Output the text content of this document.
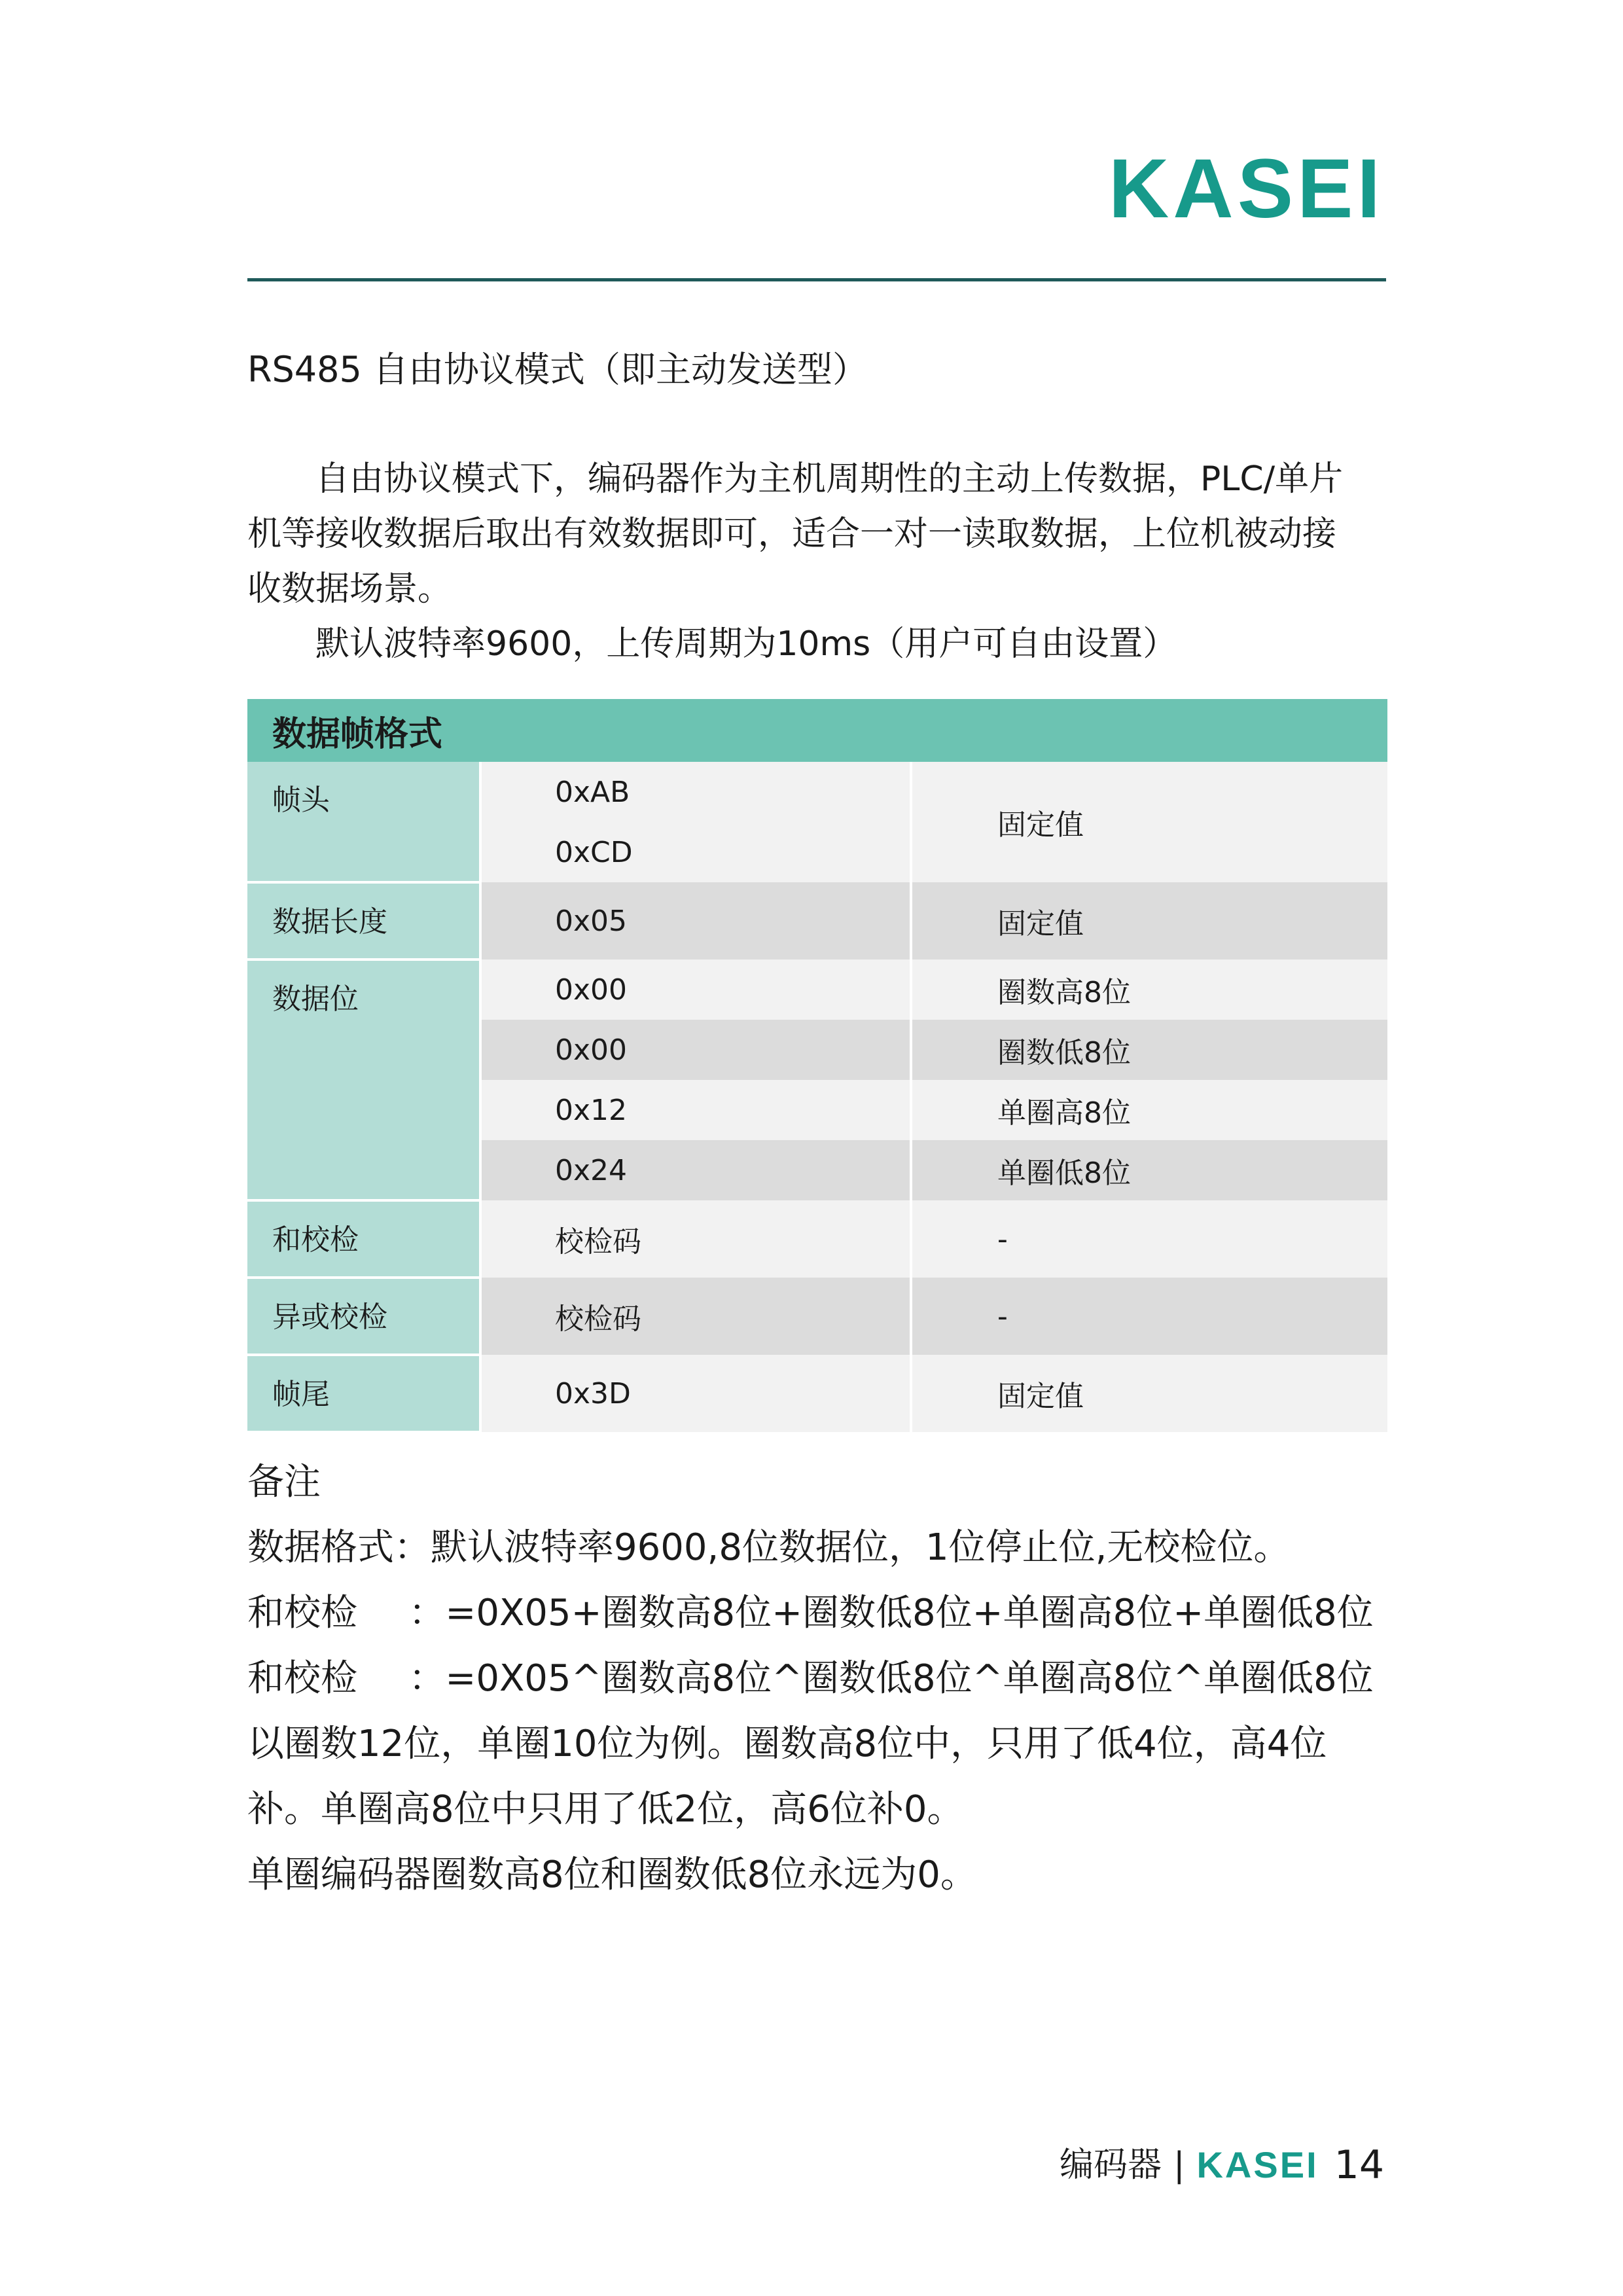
KASEI
RS485 自由协议模式（即主动发送型）

自由协议模式下，编码器作为主机周期性的主动上传数据，PLC/单片

机等接收数据后取出有效数据即可，适合一对一读取数据，上位机被动接

收数据场景。

默认波特率9600，上传周期为10ms（用户可自由设置）

数据帧格式		
帧头	0xAB	固定值
	0xCD	
数据长度	0x05	固定值
数据位	0x00	圈数高8位
	0x00	圈数低8位
	0x12	单圈高8位
	0x24	单圈低8位
和校检	校检码	-
异或校检	校检码	-
帧尾	0x3D	固定值
备注
数据格式：默认波特率9600,8位数据位，1位停止位,无校检位。
和校检 ：=0X05+圈数高8位+圈数低8位+单圈高8位+单圈低8位
和校检 ：=0X05^圈数高8位^圈数低8位^单圈高8位^单圈低8位
以圈数12位，单圈10位为例。圈数高8位中，只用了低4位，高4位
补。单圈高8位中只用了低2位，高6位补0。
单圈编码器圈数高8位和圈数低8位永远为0。
编码器 | KASEI 14
